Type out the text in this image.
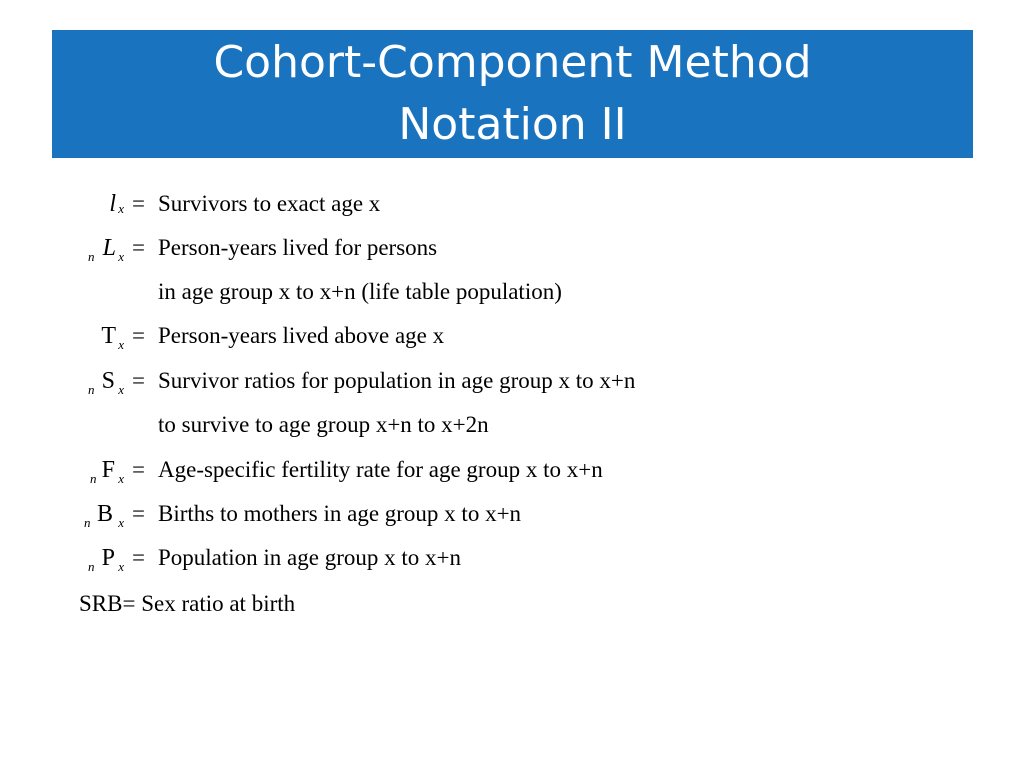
Cohort-Component Method
Notation II
l x = Survivors to exact age x
n L x = Person-years lived for persons
in age group x to x+n (life table population)
T x = Person-years lived above age x
n S x = Survivor ratios for population in age group x to x+n
to survive to age group x+n to x+2n
n F x = Age-specific fertility rate for age group x to x+n
n B x = Births to mothers in age group x to x+n
n P x = Population in age group x to x+n
SRB= Sex ratio at birth
